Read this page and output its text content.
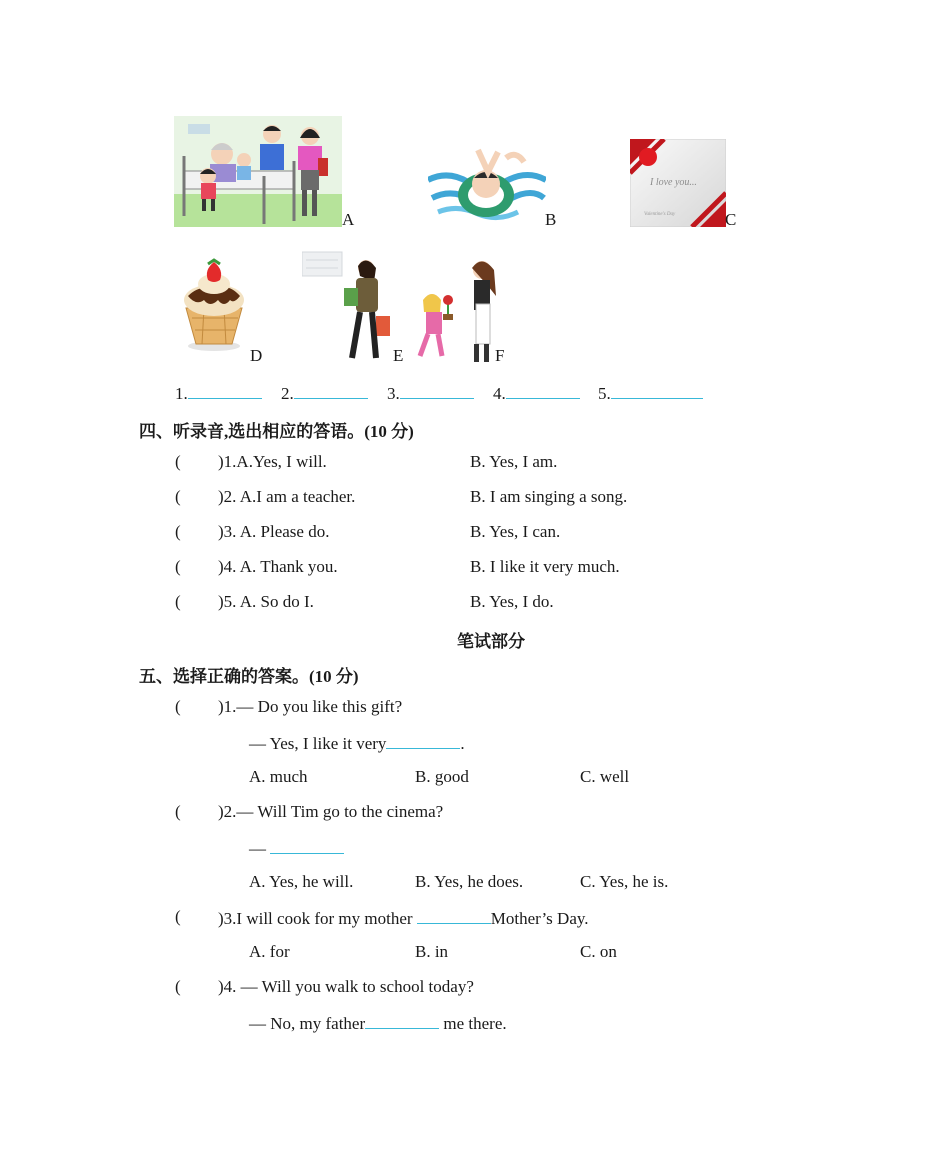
A	B
I love you...
Valentine's Day	C
D	E	F
1.	2.	3.	4.	5.
四、听录音,选出相应的答语。(10 分)
( )1.A.Yes, I will.	B. Yes, I am.
( )2. A.I am a teacher.	B. I am singing a song.
( )3. A. Please do.	B. Yes, I can.
( )4. A. Thank you.	B. I like it very much.
( )5. A. So do I.	B. Yes, I do.
笔试部分
五、选择正确的答案。(10 分)
( )1.— Do you like this gift?
— Yes, I like it very	.
A. much	B. good	C. well
( )2.— Will Tim go to the cinema?
—
A. Yes, he will.	B. Yes, he does.	C. Yes, he is.
( )3.I will cook for my mother	Mother’s Day.
A. for	B. in	C. on
( )4. — Will you walk to school today?
— No, my father	me there.
